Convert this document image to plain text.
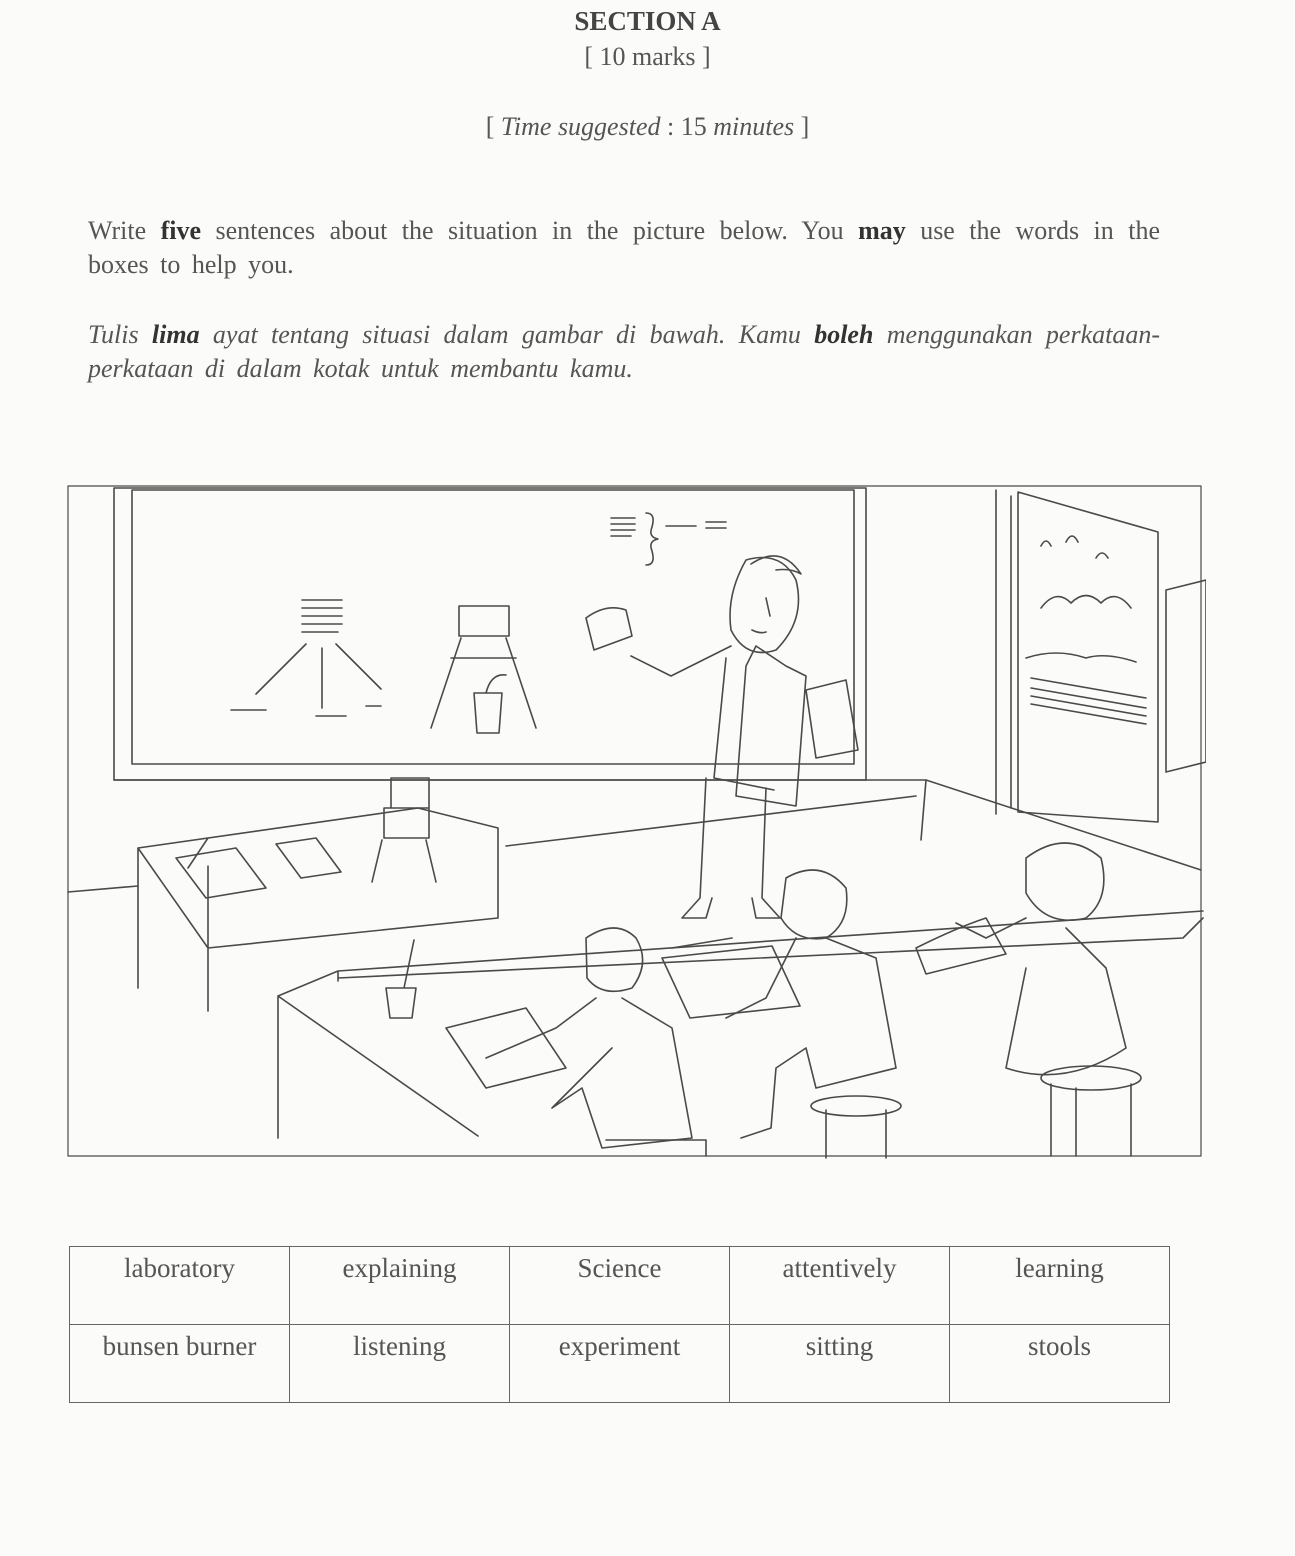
SECTION A
[ 10 marks ]
[ Time suggested : 15 minutes ]
Write five sentences about the situation in the picture below. You may use the words in the boxes to help you.
Tulis lima ayat tentang situasi dalam gambar di bawah. Kamu boleh menggunakan perkataan-perkataan di dalam kotak untuk membantu kamu.
laboratory	explaining	Science	attentively	learning
bunsen burner	listening	experiment	sitting	stools
